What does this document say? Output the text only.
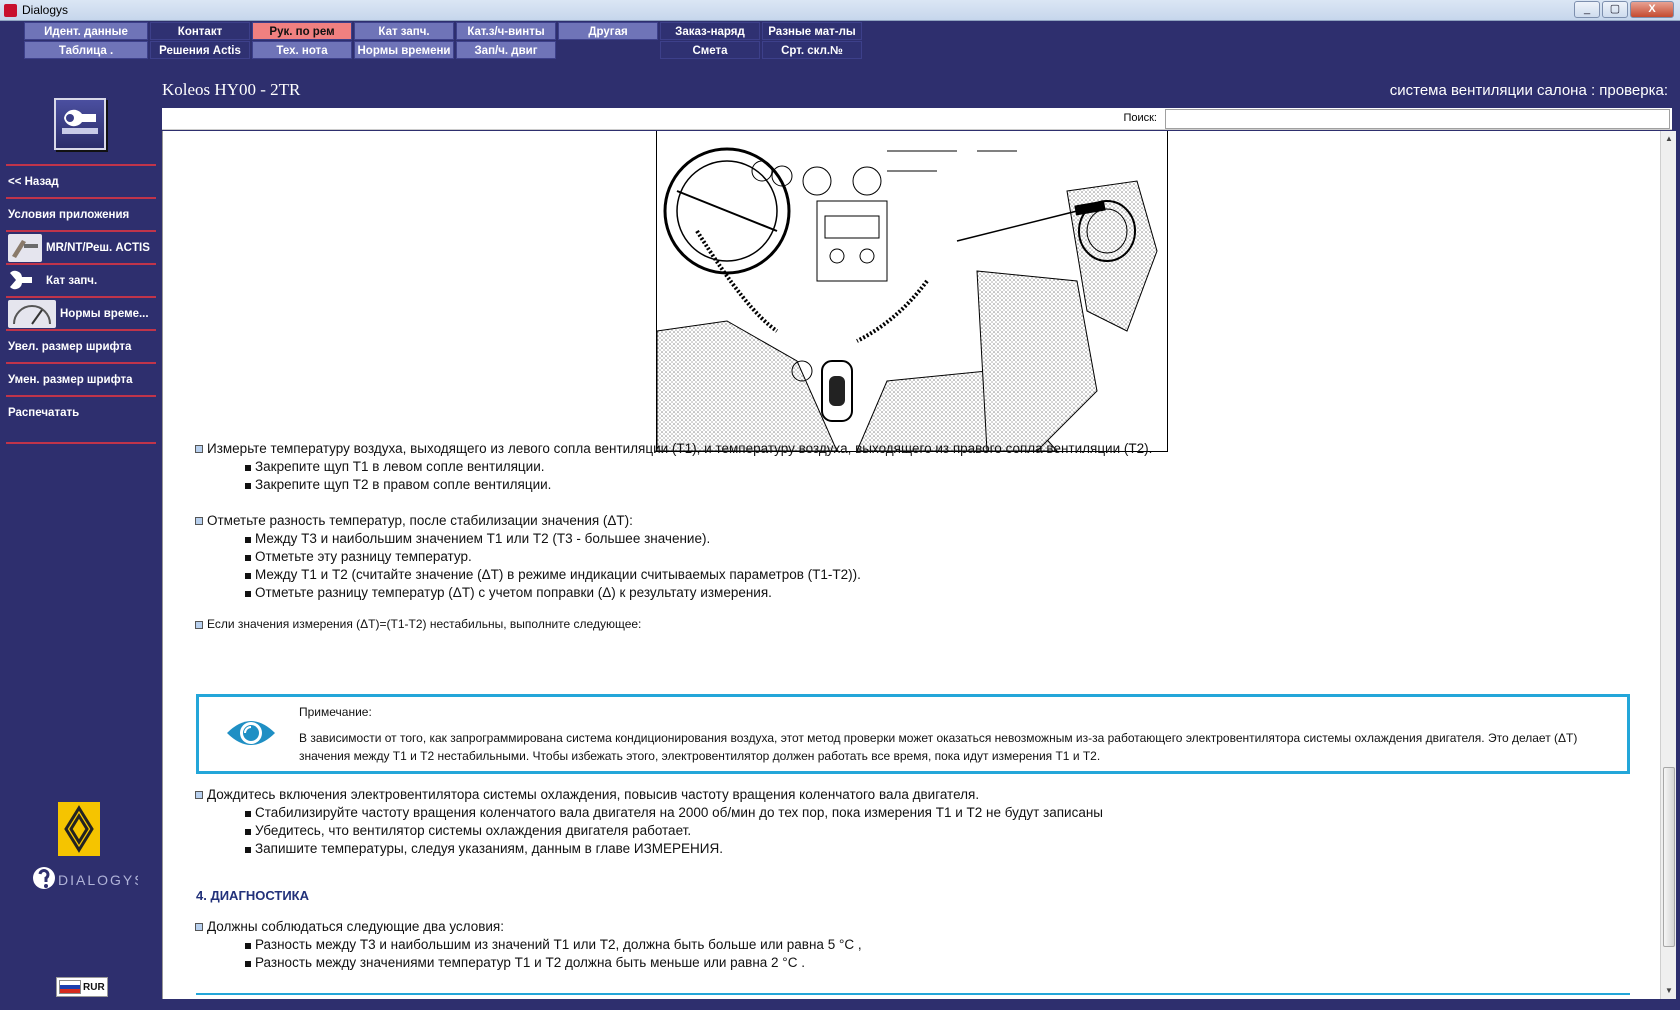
Dialogys	_	▢	X
Идент. данные	Контакт	Рук. по рем	Кат запч.	Кат.з/ч-винты	Другая	Заказ-наряд	Разные мат-лы
Таблица .	Решения Actis	Тех. нота	Нормы времени	Зап/ч. двиг	Смета	Срт. скл.№
<< Назад
Условия приложения
MR/NT/Реш. ACTIS
Кат запч.
Нормы време...
Увел. размер шрифта
Умен. размер шрифта
Распечатать
DIALOGYS
RUR
Koleos HY00 - 2TR	система вентиляции салона : проверка:
Поиск:
Измерьте температуру воздуха, выходящего из левого сопла вентиляции (T1), и температуру воздуха, выходящего из правого сопла вентиляции (T2).
Закрепите щуп T1 в левом сопле вентиляции.
Закрепите щуп T2 в правом сопле вентиляции.
Отметьте разность температур, после стабилизации значения (ΔT):
Между T3 и наибольшим значением T1 или T2 (T3 - большее значение).
Отметьте эту разницу температур.
Между T1 и T2 (считайте значение (ΔT) в режиме индикации считываемых параметров (T1-T2)).
Отметьте разницу температур (ΔT) с учетом поправки (Δ) к результату измерения.
Если значения измерения (ΔT)=(T1-T2) нестабильны, выполните следующее:
Примечание:
В зависимости от того, как запрограммирована система кондиционирования воздуха, этот метод проверки может оказаться невозможным из-за работающего электровентилятора системы охлаждения двигателя. Это делает (ΔT) значения между T1 и T2 нестабильными. Чтобы избежать этого, электровентилятор должен работать все время, пока идут измерения T1 и T2.
Дождитесь включения электровентилятора системы охлаждения, повысив частоту вращения коленчатого вала двигателя.
Стабилизируйте частоту вращения коленчатого вала двигателя на 2000 об/мин до тех пор, пока измерения T1 и T2 не будут записаны
Убедитесь, что вентилятор системы охлаждения двигателя работает.
Запишите температуры, следуя указаниям, данным в главе ИЗМЕРЕНИЯ.
4. ДИАГНОСТИКА
Должны соблюдаться следующие два условия:
Разность между T3 и наибольшим из значений T1 или T2, должна быть больше или равна 5 °C ,
Разность между значениями температур T1 и T2 должна быть меньше или равна 2 °C .
▲
▼
